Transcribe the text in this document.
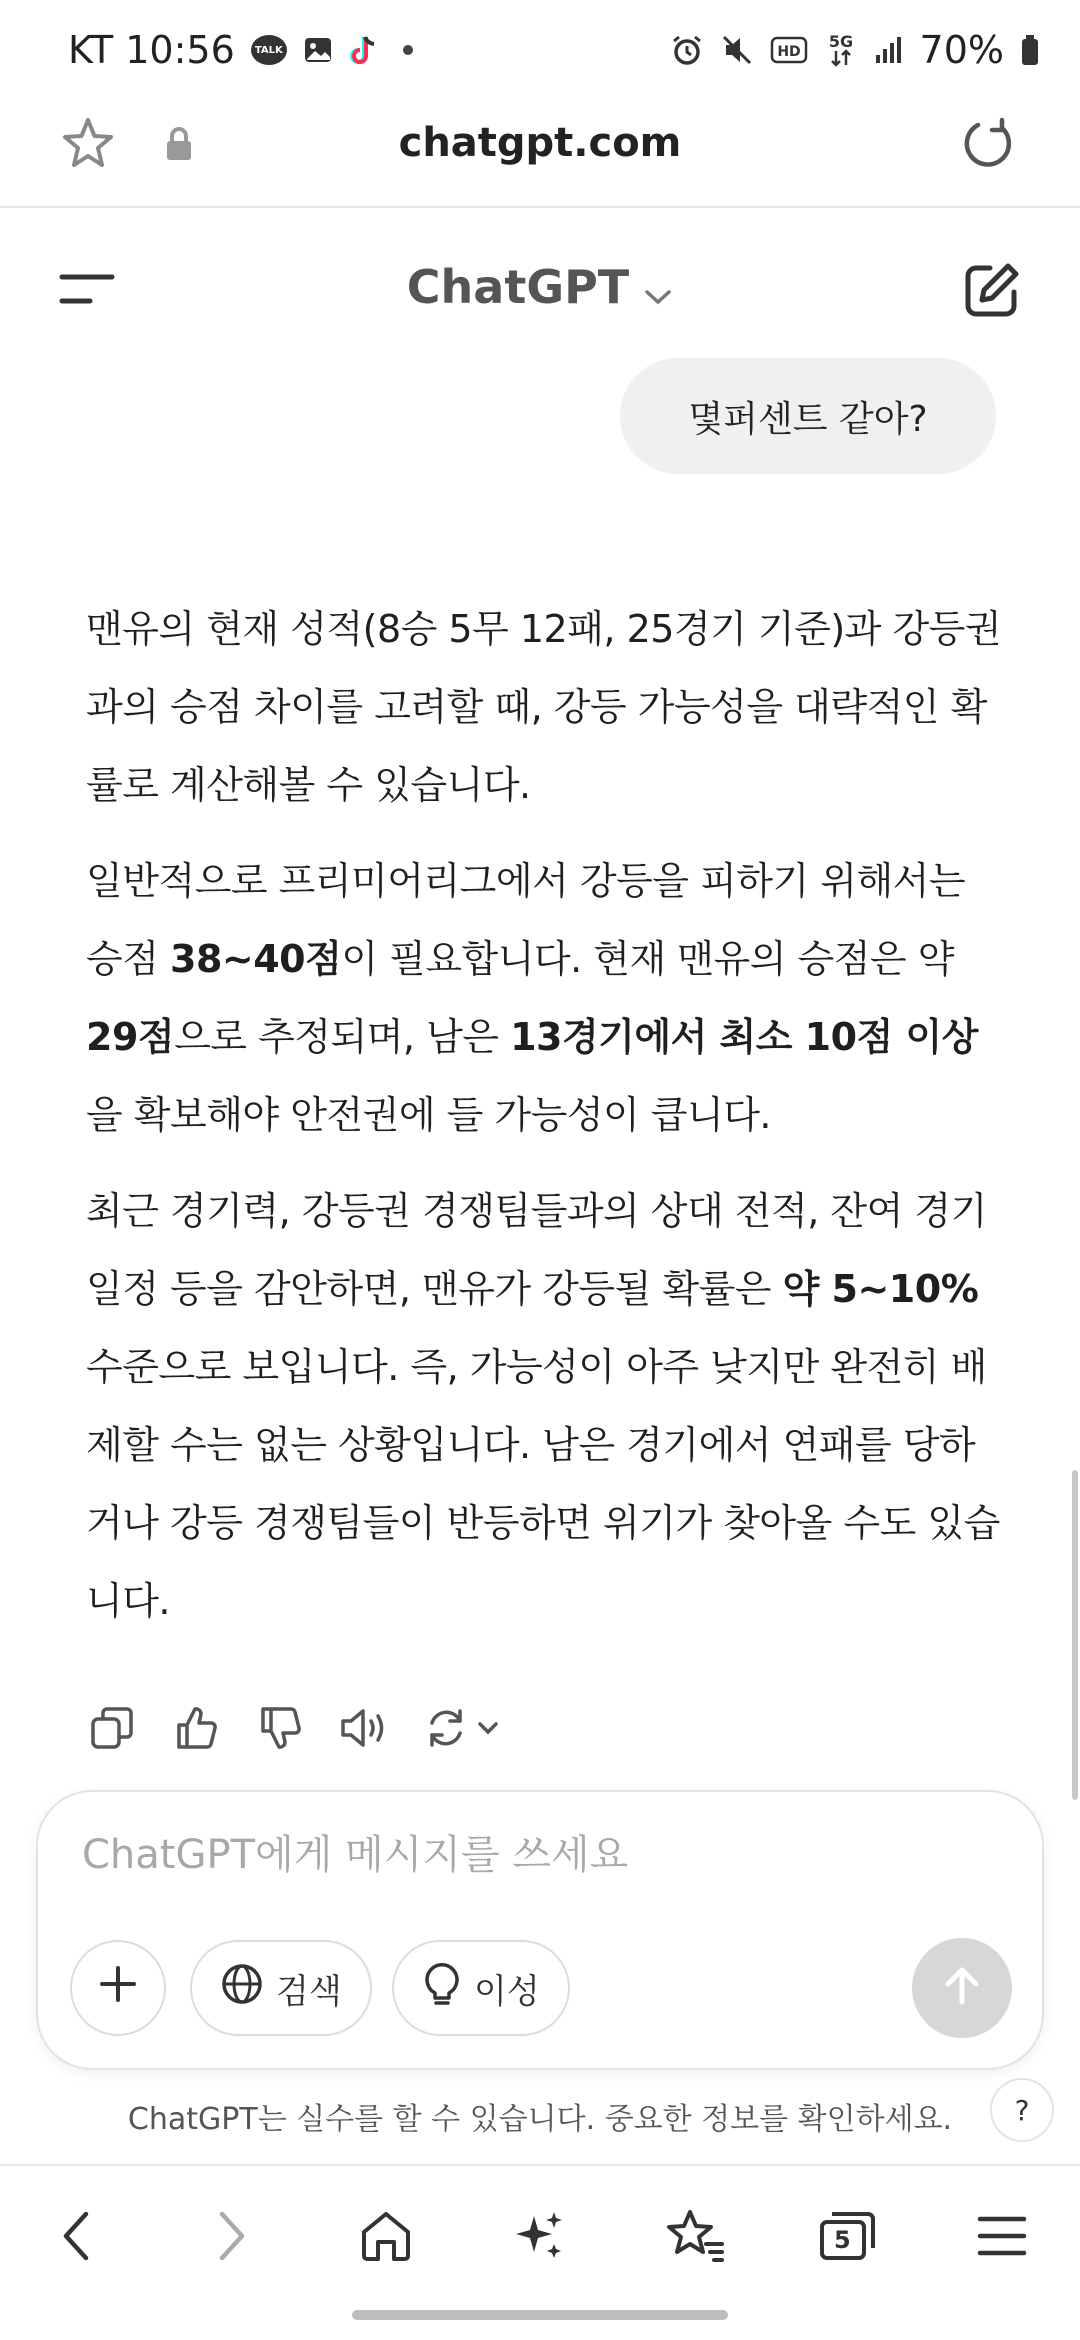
KT 10:56	TALK	HD
5G 70%
chatgpt.com
ChatGPT
몇퍼센트 같아?

맨유의 현재 성적(8승 5무 12패, 25경기 기준)과 강등권과의 승점 차이를 고려할 때, 강등 가능성을 대략적인 확률로 계산해볼 수 있습니다.

일반적으로 프리미어리그에서 강등을 피하기 위해서는 승점 38~40점이 필요합니다. 현재 맨유의 승점은 약 29점으로 추정되며, 남은 13경기에서 최소 10점 이상을 확보해야 안전권에 들 가능성이 큽니다.

최근 경기력, 강등권 경쟁팀들과의 상대 전적, 잔여 경기 일정 등을 감안하면, 맨유가 강등될 확률은 약 5~10% 수준으로 보입니다. 즉, 가능성이 아주 낮지만 완전히 배제할 수는 없는 상황입니다. 남은 경기에서 연패를 당하거나 강등 경쟁팀들이 반등하면 위기가 찾아올 수도 있습니다.

ChatGPT에게 메시지를 쓰세요
검색	이성
ChatGPT는 실수를 할 수 있습니다. 중요한 정보를 확인하세요.	?
5
